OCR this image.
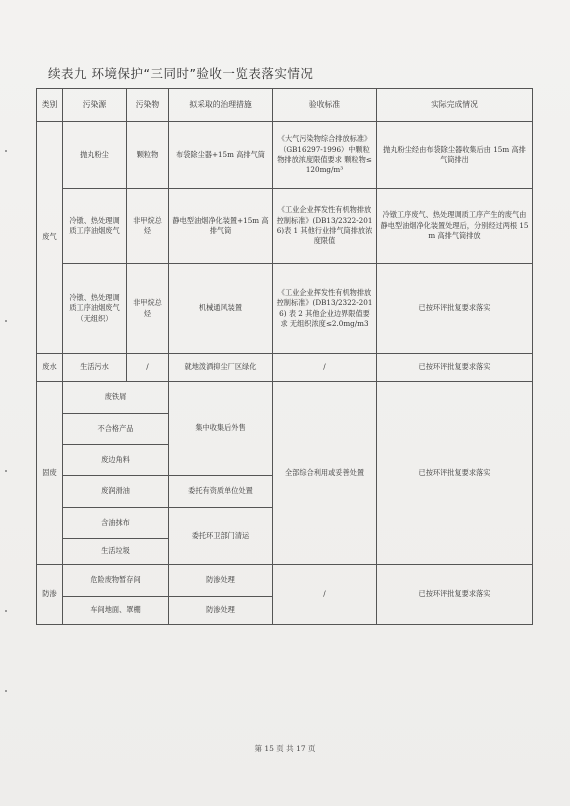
续表九 环境保护“三同时”验收一览表落实情况
类别	污染源	污染物	拟采取的治理措施	验收标准	实际完成情况
废气	抛丸粉尘	颗粒物	布袋除尘器+15m 高排气筒	《大气污染物综合排放标准》（GB16297-1996）中颗粒物排放浓度限值要求 颗粒物≤120mg/m³	抛丸粉尘经由布袋除尘器收集后由 15m 高排气筒排出
	冷镦、热处理调质工序油烟废气	非甲烷总烃	静电型油烟净化装置+15m 高排气筒	《工业企业挥发性有机物排放控制标准》(DB13/2322-2016)表 1 其他行业排气筒排放浓度限值	冷镦工序废气、热处理调质工序产生的废气由静电型油烟净化装置处理后，分别经过两根 15m 高排气筒排放
	冷镦、热处理调质工序油烟废气（无组织）	非甲烷总烃	机械通风装置	《工业企业挥发性有机物排放控制标准》(DB13/2322-2016) 表 2 其他企业边界限值要求 无组织浓度≤2.0mg/m3	已按环评批复要求落实
废水	生活污水	/	就地泼洒抑尘厂区绿化	/	已按环评批复要求落实
固废	废铁屑		集中收集后外售	全部综合利用或妥善处置	已按环评批复要求落实
	不合格产品				
	废边角料				
	废润滑油		委托有资质单位处置		
	含油抹布		委托环卫部门清运		
	生活垃圾				
防渗	危险废物暂存间		防渗处理	/	已按环评批复要求落实
	车间地面、罩棚		防渗处理		
第 15 页 共 17 页
